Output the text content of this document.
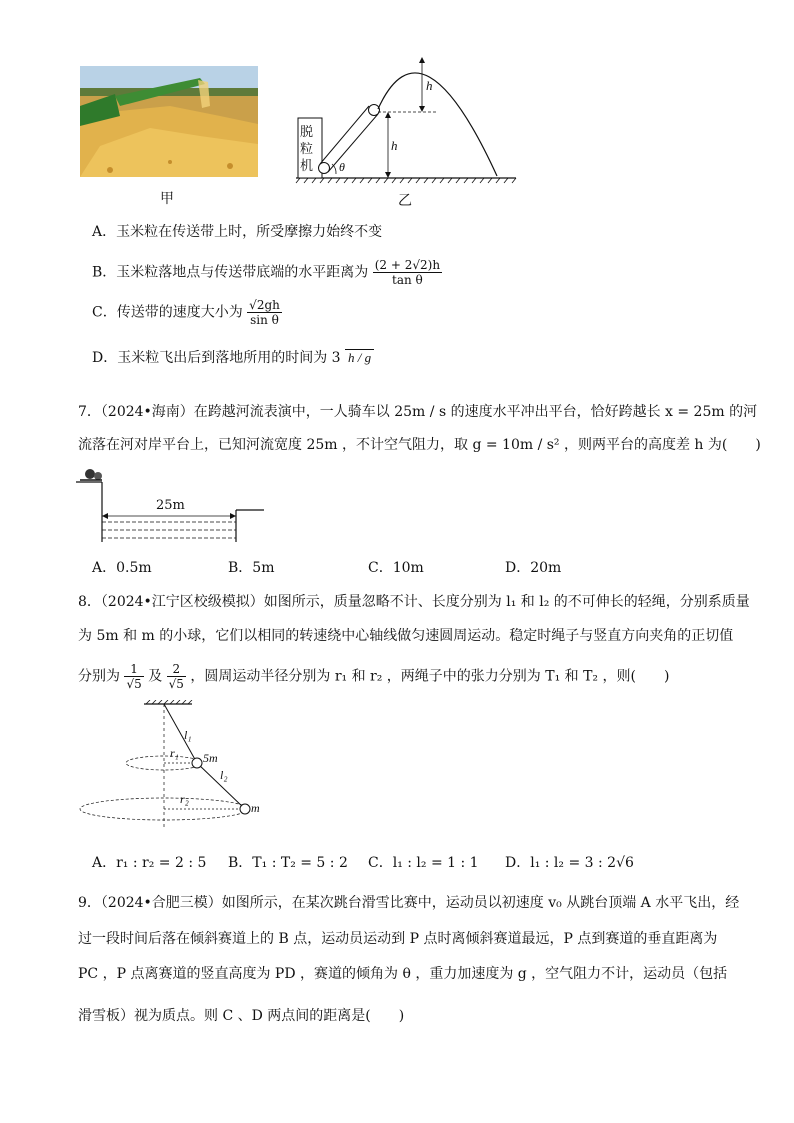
甲
脱
粒
机
h
h
θ
乙
A．玉米粒在传送带上时，所受摩擦力始终不变
B．玉米粒落地点与传送带底端的水平距离为 $\frac{(2 + 2√2)h}{\text{tan θ}}$
C．传送带的速度大小为 $\frac{√2gh}{\text{sin θ}}$
D．玉米粒飞出后到落地所用的时间为 3 h / g
7．（2024•海南）在跨越河流表演中，一人骑车以 25m / s 的速度水平冲出平台，恰好跨越长 x = 25m 的河
流落在河对岸平台上，已知河流宽度 25m ，不计空气阻力，取 g = 10m / s² ，则两平台的高度差 h 为(　　)
25m
A．0.5m	B．5m	C．10m	D．20m
8．（2024•江宁区校级模拟）如图所示，质量忽略不计、长度分别为 l₁ 和 l₂ 的不可伸长的轻绳，分别系质量
为 5m 和 m 的小球，它们以相同的转速绕中心轴线做匀速圆周运动。稳定时绳子与竖直方向夹角的正切值
分别为 $\frac{1}{√5}$ 及 $\frac{2}{√5}$ ，圆周运动半径分别为 r₁ 和 r₂ ，两绳子中的张力分别为 T₁ 和 T₂ ，则(　　)
l₁
r₁ 5m
l₂
r₂
m
A．r₁ : r₂ = 2 : 5 B．T₁ : T₂ = 5 : 2 C．l₁ : l₂ = 1 : 1 D．l₁ : l₂ = 3 : 2√6
9．（2024•合肥三模）如图所示，在某次跳台滑雪比赛中，运动员以初速度 v₀ 从跳台顶端 A 水平飞出，经
过一段时间后落在倾斜赛道上的 B 点，运动员运动到 P 点时离倾斜赛道最远，P 点到赛道的垂直距离为
PC ，P 点离赛道的竖直高度为 PD ，赛道的倾角为 θ ，重力加速度为 g ，空气阻力不计，运动员（包括
滑雪板）视为质点。则 C 、D 两点间的距离是(　　)
